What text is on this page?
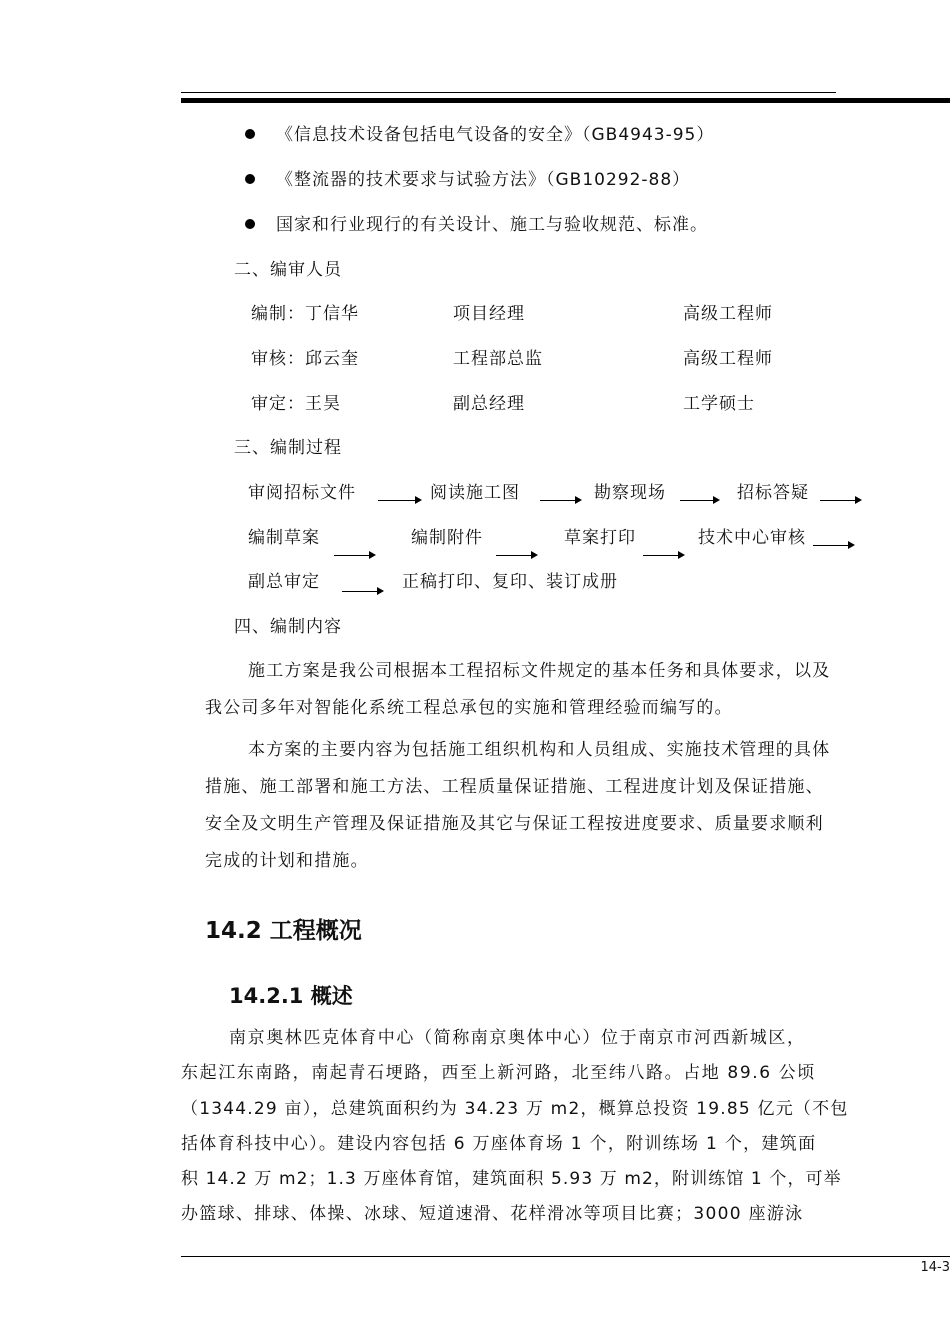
《信息技术设备包括电气设备的安全》（GB4943-95）
《整流器的技术要求与试验方法》（GB10292-88）
国家和行业现行的有关设计、施工与验收规范、标准。
二、编审人员
编制：丁信华	项目经理	高级工程师
审核：邱云奎	工程部总监	高级工程师
审定：王昊	副总经理	工学硕士
三、编制过程
审阅招标文件	阅读施工图	勘察现场	招标答疑
编制草案	编制附件	草案打印	技术中心审核
副总审定	正稿打印、复印、装订成册
四、编制内容
施工方案是我公司根据本工程招标文件规定的基本任务和具体要求，以及我公司多年对智能化系统工程总承包的实施和管理经验而编写的。
本方案的主要内容为包括施工组织机构和人员组成、实施技术管理的具体措施、施工部署和施工方法、工程质量保证措施、工程进度计划及保证措施、安全及文明生产管理及保证措施及其它与保证工程按进度要求、质量要求顺利完成的计划和措施。
14.2 工程概况
14.2.1 概述
南京奥林匹克体育中心（简称南京奥体中心）位于南京市河西新城区，
东起江东南路，南起青石埂路，西至上新河路，北至纬八路。占地 89.6 公顷
（1344.29 亩），总建筑面积约为 34.23 万 m2，概算总投资 19.85 亿元（不包
括体育科技中心）。建设内容包括 6 万座体育场 1 个，附训练场 1 个，建筑面
积 14.2 万 m2；1.3 万座体育馆，建筑面积 5.93 万 m2，附训练馆 1 个，可举
办篮球、排球、体操、冰球、短道速滑、花样滑冰等项目比赛；3000 座游泳
14-3
